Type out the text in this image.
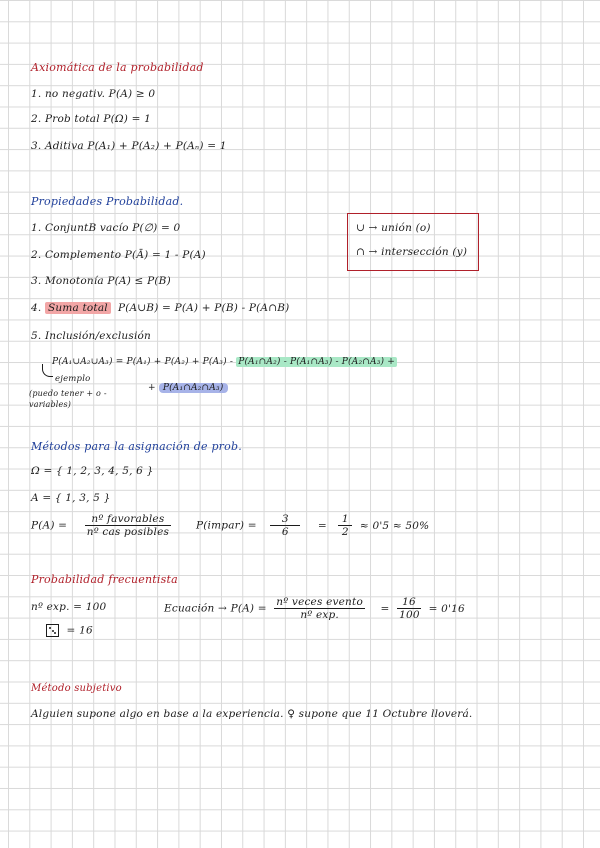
Axiomática de la probabilidad
1. no negativ. P(A) ≥ 0
2. Prob total P(Ω) = 1
3. Aditiva P(A₁) + P(A₂) + P(Aₙ) = 1
Propiedades Probabilidad.
1. ConjuntB vacío P(∅) = 0
2. Complemento P(Ā) = 1 - P(A)
3. Monotonía P(A) ≤ P(B)
4. Suma total P(A∪B) = P(A) + P(B) - P(A∩B)
5. Inclusión/exclusión
P(A₁∪A₂∪A₃) = P(A₁) + P(A₂) + P(A₃) - P(A₁∩A₂) - P(A₁∩A₃) - P(A₂∩A₃) +
ejemplo
(puedo tener + o -
variables)
+ P(A₁∩A₂∩A₃)
∪ → unión (o)
∩ → intersección (y)
Métodos para la asignación de prob.
Ω = { 1, 2, 3, 4, 5, 6 }
A = { 1, 3, 5 }
$P(A) = \frac{\text{nº favorables}}{\text{nº cas posibles}}$ P(impar) = $\frac{3}{6} = \frac{1}{2} \approx 0'5 \approx 50\%$
Probabilidad frecuentista
nº exp. = 100	Ecuación → $P(A) = \frac{\text{nº veces evento}}{\text{nº exp.}} = \frac{16}{100} = 0'16$
= 16
Método subjetivo
Alguien supone algo en base a la experiencia. ♀ supone que 11 Octubre lloverá.
